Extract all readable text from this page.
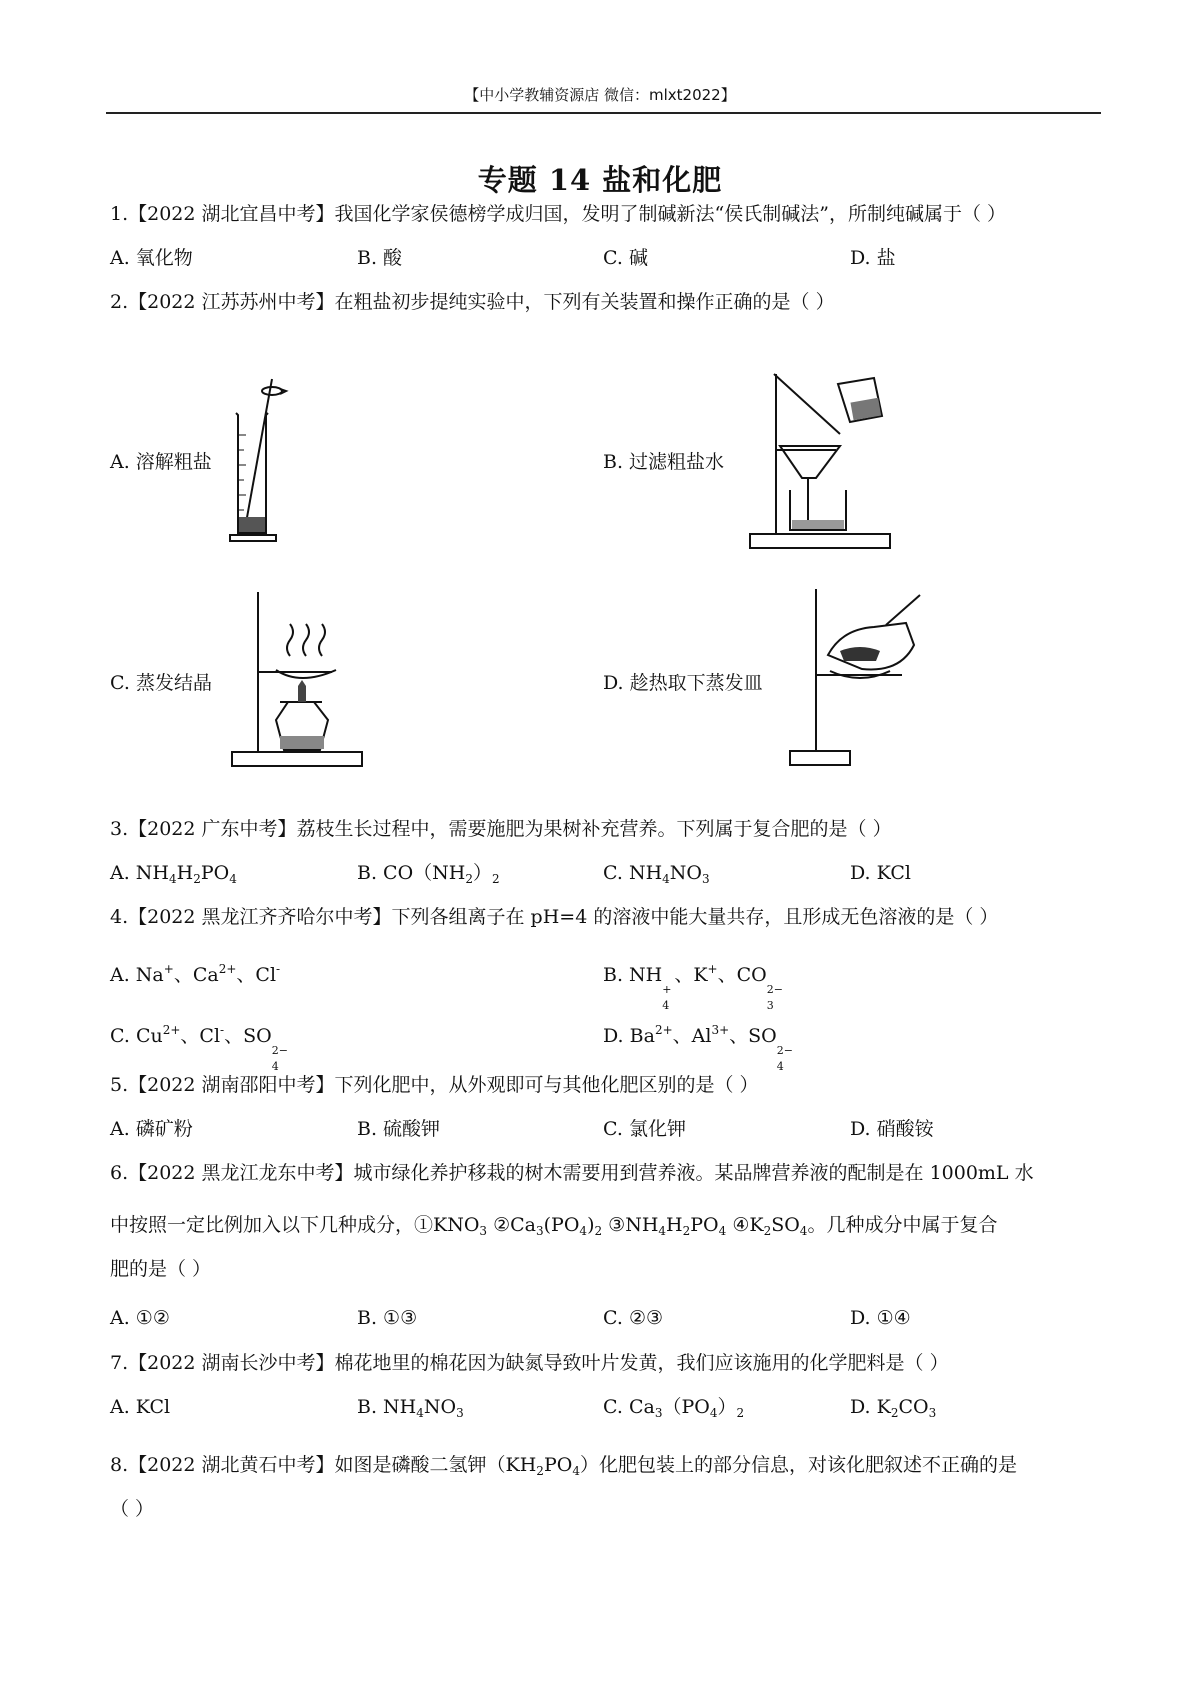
【中小学教辅资源店 微信：mlxt2022】
专题 14 盐和化肥
1.【2022 湖北宜昌中考】我国化学家侯德榜学成归国，发明了制碱新法“侯氏制碱法”，所制纯碱属于（ ）
A. 氧化物	B. 酸	C. 碱	D. 盐
2.【2022 江苏苏州中考】在粗盐初步提纯实验中，下列有关装置和操作正确的是（ ）
A. 溶解粗盐	B. 过滤粗盐水
C. 蒸发结晶	D. 趁热取下蒸发皿
3.【2022 广东中考】荔枝生长过程中，需要施肥为果树补充营养。下列属于复合肥的是（ ）
A. $NH_4H_2PO_4$	B. $CO(NH_2)_2$	C. $NH_4NO_3$	D. KCl
4.【2022 黑龙江齐齐哈尔中考】下列各组离子在 pH=4 的溶液中能大量共存，且形成无色溶液的是（ ）
A. Na+、$Ca^{2+}$、Cl-	B. NH
+
4
、K+、CO
2−
3
C. $Cu^{2+}$、Cl-、SO
2−
4
D. $Ba^{2+}$、$Al^{3+}$、SO
2−
4
5.【2022 湖南邵阳中考】下列化肥中，从外观即可与其他化肥区别的是（ ）
A. 磷矿粉	B. 硫酸钾	C. 氯化钾	D. 硝酸铵
6.【2022 黑龙江龙东中考】城市绿化养护移栽的树木需要用到营养液。某品牌营养液的配制是在 1000mL 水
中按照一定比例加入以下几种成分，$①KNO_3$ $②Ca_3(PO_4)_2$ $③NH_4H_2PO_4$ $④K_2SO_4$。几种成分中属于复合
肥的是（ ）
A. ①②	B. ①③	C. ②③	D. ①④
7.【2022 湖南长沙中考】棉花地里的棉花因为缺氮导致叶片发黄，我们应该施用的化学肥料是（ ）
A. KCl	B. $NH_4NO_3$	C. $Ca_3(PO_4)_2$	D. $K_2CO_3$
8.【2022 湖北黄石中考】如图是磷酸二氢钾$(KH_2PO_4)$化肥包装上的部分信息，对该化肥叙述不正确的是
（ ）
